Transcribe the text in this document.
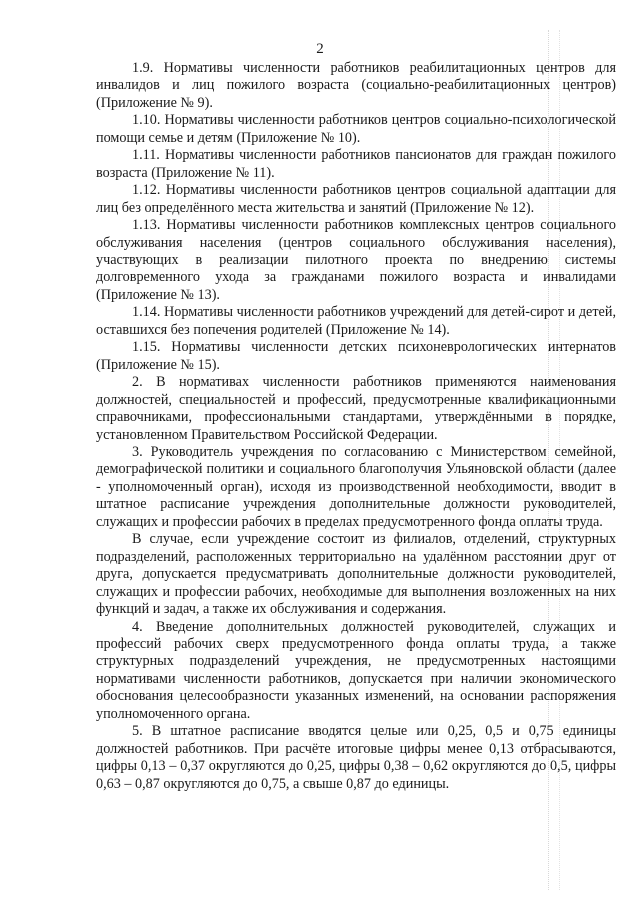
2

1.9. Нормативы численности работников реабилитационных центров для инвалидов и лиц пожилого возраста (социально-реабилитационных центров) (Приложение № 9).

1.10. Нормативы численности работников центров социально-психологической помощи семье и детям (Приложение № 10).

1.11. Нормативы численности работников пансионатов для граждан пожилого возраста (Приложение № 11).

1.12. Нормативы численности работников центров социальной адаптации для лиц без определённого места жительства и занятий (Приложение № 12).

1.13. Нормативы численности работников комплексных центров социального обслуживания населения (центров социального обслуживания населения), участвующих в реализации пилотного проекта по внедрению системы долговременного ухода за гражданами пожилого возраста и инвалидами (Приложение № 13).

1.14. Нормативы численности работников учреждений для детей-сирот и детей, оставшихся без попечения родителей (Приложение № 14).

1.15. Нормативы численности детских психоневрологических интернатов (Приложение № 15).

2. В нормативах численности работников применяются наименования должностей, специальностей и профессий, предусмотренные квалификационными справочниками, профессиональными стандартами, утверждёнными в порядке, установленном Правительством Российской Федерации.

3. Руководитель учреждения по согласованию с Министерством семейной, демографической политики и социального благополучия Ульяновской области (далее - уполномоченный орган), исходя из производственной необходимости, вводит в штатное расписание учреждения дополнительные должности руководителей, служащих и профессии рабочих в пределах предусмотренного фонда оплаты труда.

В случае, если учреждение состоит из филиалов, отделений, структурных подразделений, расположенных территориально на удалённом расстоянии друг от друга, допускается предусматривать дополнительные должности руководителей, служащих и профессии рабочих, необходимые для выполнения возложенных на них функций и задач, а также их обслуживания и содержания.

4. Введение дополнительных должностей руководителей, служащих и профессий рабочих сверх предусмотренного фонда оплаты труда, а также структурных подразделений учреждения, не предусмотренных настоящими нормативами численности работников, допускается при наличии экономического обоснования целесообразности указанных изменений, на основании распоряжения уполномоченного органа.

5. В штатное расписание вводятся целые или 0,25, 0,5 и 0,75 единицы должностей работников. При расчёте итоговые цифры менее 0,13 отбрасываются, цифры 0,13 – 0,37 округляются до 0,25, цифры 0,38 – 0,62 округляются до 0,5, цифры 0,63 – 0,87 округляются до 0,75, а свыше 0,87 до единицы.
